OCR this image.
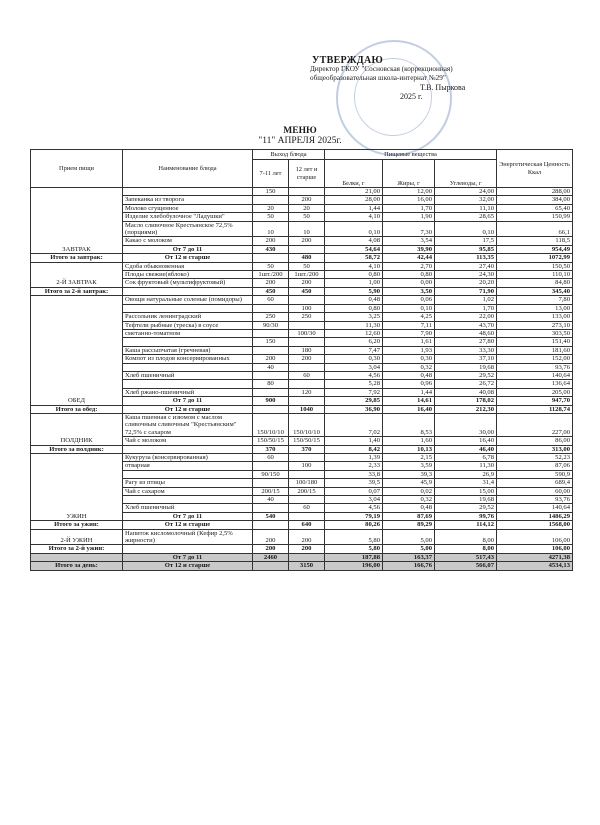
УТВЕРЖДАЮ
Директор ГКОУ "Сосновская (коррекционная)
общеобразовательная школа-интернат №29"
Т.В. Пыркова
2025 г.
МЕНЮ
"11" АПРЕЛЯ 2025г.
Прием пищи	Наименование блюда	Выход блюда		Пищевые вещества			Энергетическая Ценность Ккал
		7-11 лет	12 лет и старше	Белки, г	Жиры, г	Углеводы, г	
ЗАВТРАК		150		21,00	12,00	24,00	288,00
	Запеканка из творога		200	28,00	16,00	32,00	384,00
	Молоко сгущенное	20	20	1,44	1,70	11,10	65,40
	Изделие хлебобулочное "Ладушки"	50	50	4,10	1,90	28,65	150,99
	Масло сливочное Крестьянское 72,5% (порциями)	10	10	0,10	7,30	0,10	66,1
	Какао с молоком	200	200	4,08	3,54	17,5	118,5
	От 7 до 11	430		54,64	39,90	95,85	954,49
Итого за завтрак:	От 12 и старше		480	58,72	42,44	113,35	1072,99
2-Й ЗАВТРАК	Сдоба обыкновенная	50	50	4,10	2,70	27,40	150,50
	Плоды свежие(яблоко)	1шт./200	1шт./200	0,80	0,80	24,30	110,10
	Сок фруктовый (мультифруктовый)	200	200	1,00	0,00	20,20	84,80
Итого за 2-й завтрак:		450	450	5,90	3,50	71,90	345,40
ОБЕД	Овощи натуральные соленые (помидоры)	60		0,48	0,06	1,02	7,80
			100	0,80	0,10	1,70	13,00
	Рассольник ленинградский	250	250	3,25	4,25	22,00	133,00
	Тефтели рыбные (треска) в соусе	90/30		11,30	7,11	43,70	273,10
	сметанно-томатном		100/30	12,60	7,90	48,60	303,50
		150		6,20	1,61	27,80	151,40
	Каша рассыпчатая (гречневая)		180	7,47	1,93	33,30	181,60
	Компот из плодов консервированных	200	200	0,30	0,30	37,10	152,00
		40		3,04	0,32	19,68	93,76
	Хлеб пшеничный		60	4,56	0,48	29,52	140,64
		80		5,28	0,96	26,72	136,64
	Хлеб ржано-пшеничный		120	7,92	1,44	40,08	205,00
	От 7 до 11	900		29,85	14,61	178,02	947,70
Итого за обед:	От 12 и старше		1040	36,90	16,40	212,30	1128,74
ПОЛДНИК	Каша пшенная с изюмом с маслом сливочным сливочным "Крестьянским" 72,5% с сахаром	150/10/10	150/10/10	7,02	8,53	30,00	227,00
	Чай с молоком	150/50/15	150/50/15	1,40	1,60	16,40	86,00
Итого за полдник:		370	370	8,42	10,13	46,40	313,00
УЖИН	Кукуруза (консервированная)	60		1,39	2,15	6,78	52,23
	отварная		100	2,33	3,59	11,30	87,06
		90/150		33,8	39,3	26,9	590,9
	Рагу из птицы		100/180	39,5	45,9	31,4	689,4
	Чай с сахаром	200/15	200/15	0,07	0,02	15,00	60,00
		40		3,04	0,32	19,68	93,76
	Хлеб пшеничный		60	4,56	0,48	29,52	140,64
	От 7 до 11	540		79,19	87,69	99,76	1486,29
Итого за ужин:	От 12 и старше		640	80,26	89,29	114,12	1568,00
2-Й УЖИН	Напиток кисломолочный (Кефир 2,5% жирности)	200	200	5,80	5,00	8,00	106,00
Итого за 2-й ужин:		200	200	5,80	5,00	8,00	106,00
	От 7 до 11	2460		187,88	163,37	517,43	4271,38
Итого за день:	От 12 и старше		3150	196,00	166,76	566,07	4534,13
